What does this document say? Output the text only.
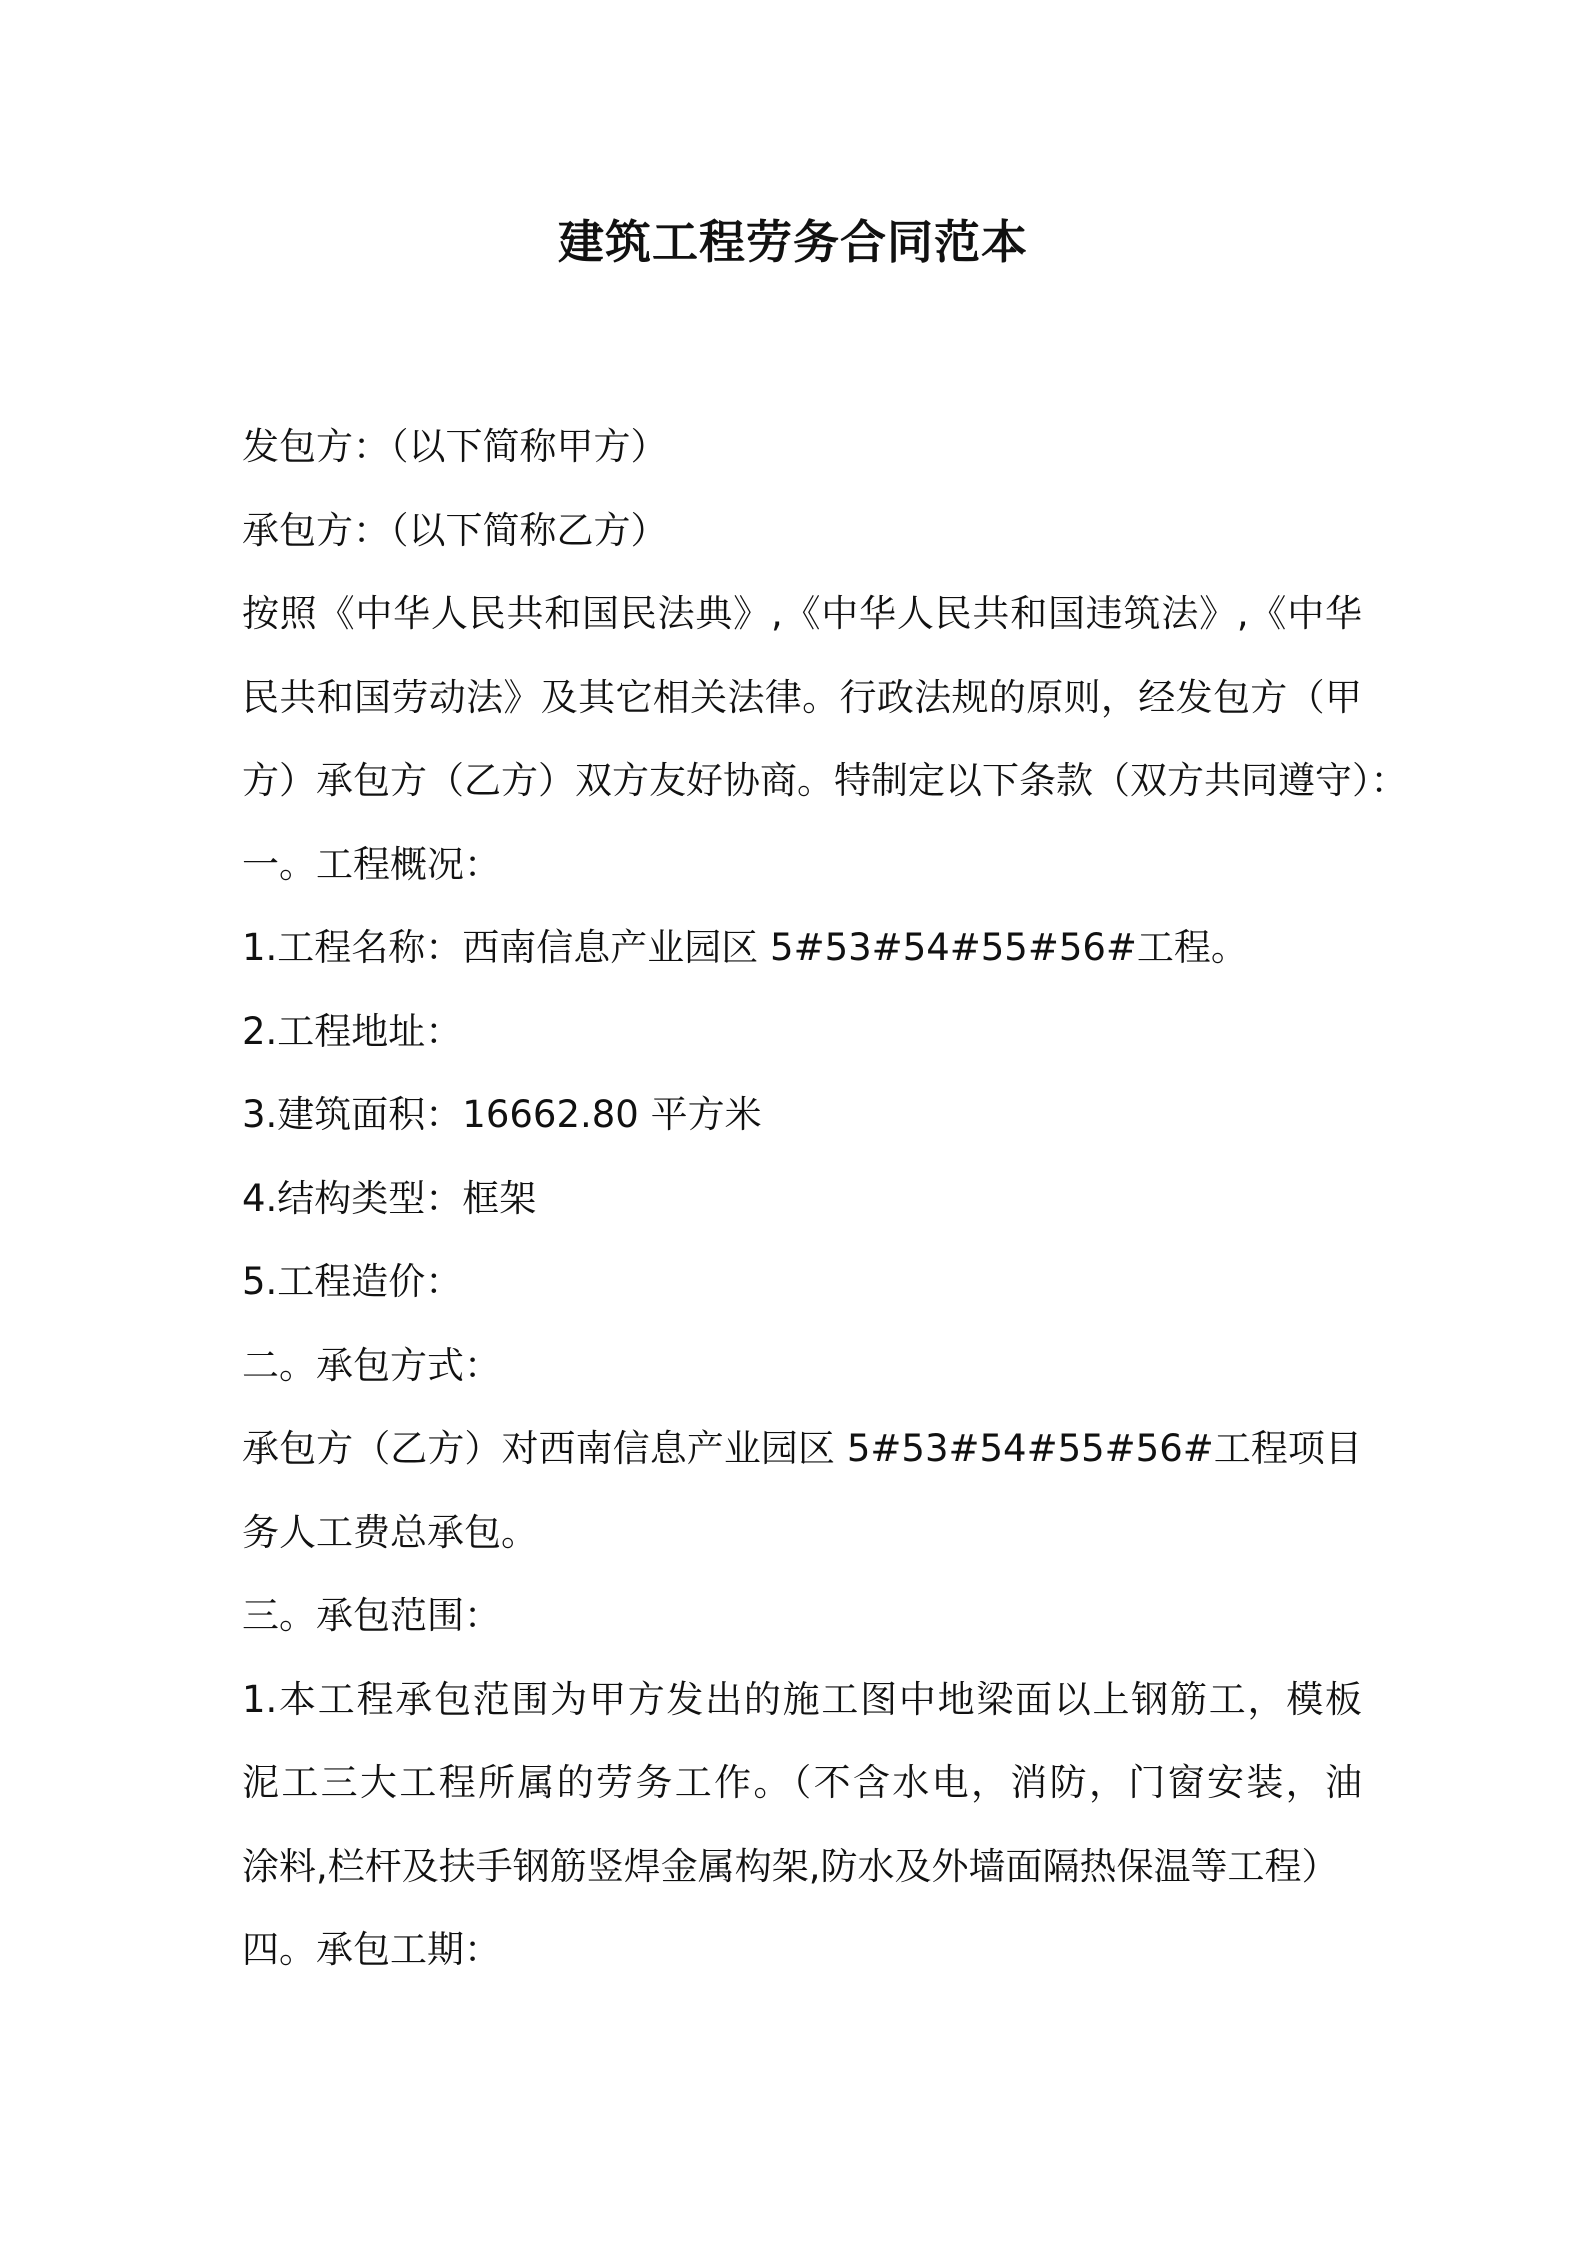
建筑工程劳务合同范本
发包方：（以下简称甲方）
承包方：（以下简称乙方）
按照《中华人民共和国民法典》,《中华人民共和国违筑法》,《中华
民共和国劳动法》及其它相关法律。行政法规的原则，经发包方（甲
方）承包方（乙方）双方友好协商。特制定以下条款（双方共同遵守）：
一。工程概况：
1.工程名称：西南信息产业园区 5#53#54#55#56#工程。
2.工程地址：
3.建筑面积：16662.80 平方米
4.结构类型：框架
5.工程造价：
二。承包方式：
承包方（乙方）对西南信息产业园区 5#53#54#55#56#工程项目
务人工费总承包。
三。承包范围：
1.本工程承包范围为甲方发出的施工图中地梁面以上钢筋工，模板
泥工三大工程所属的劳务工作。（不含水电，消防，门窗安装，油
涂料,栏杆及扶手钢筋竖焊金属构架,防水及外墙面隔热保温等工程）
四。承包工期：
